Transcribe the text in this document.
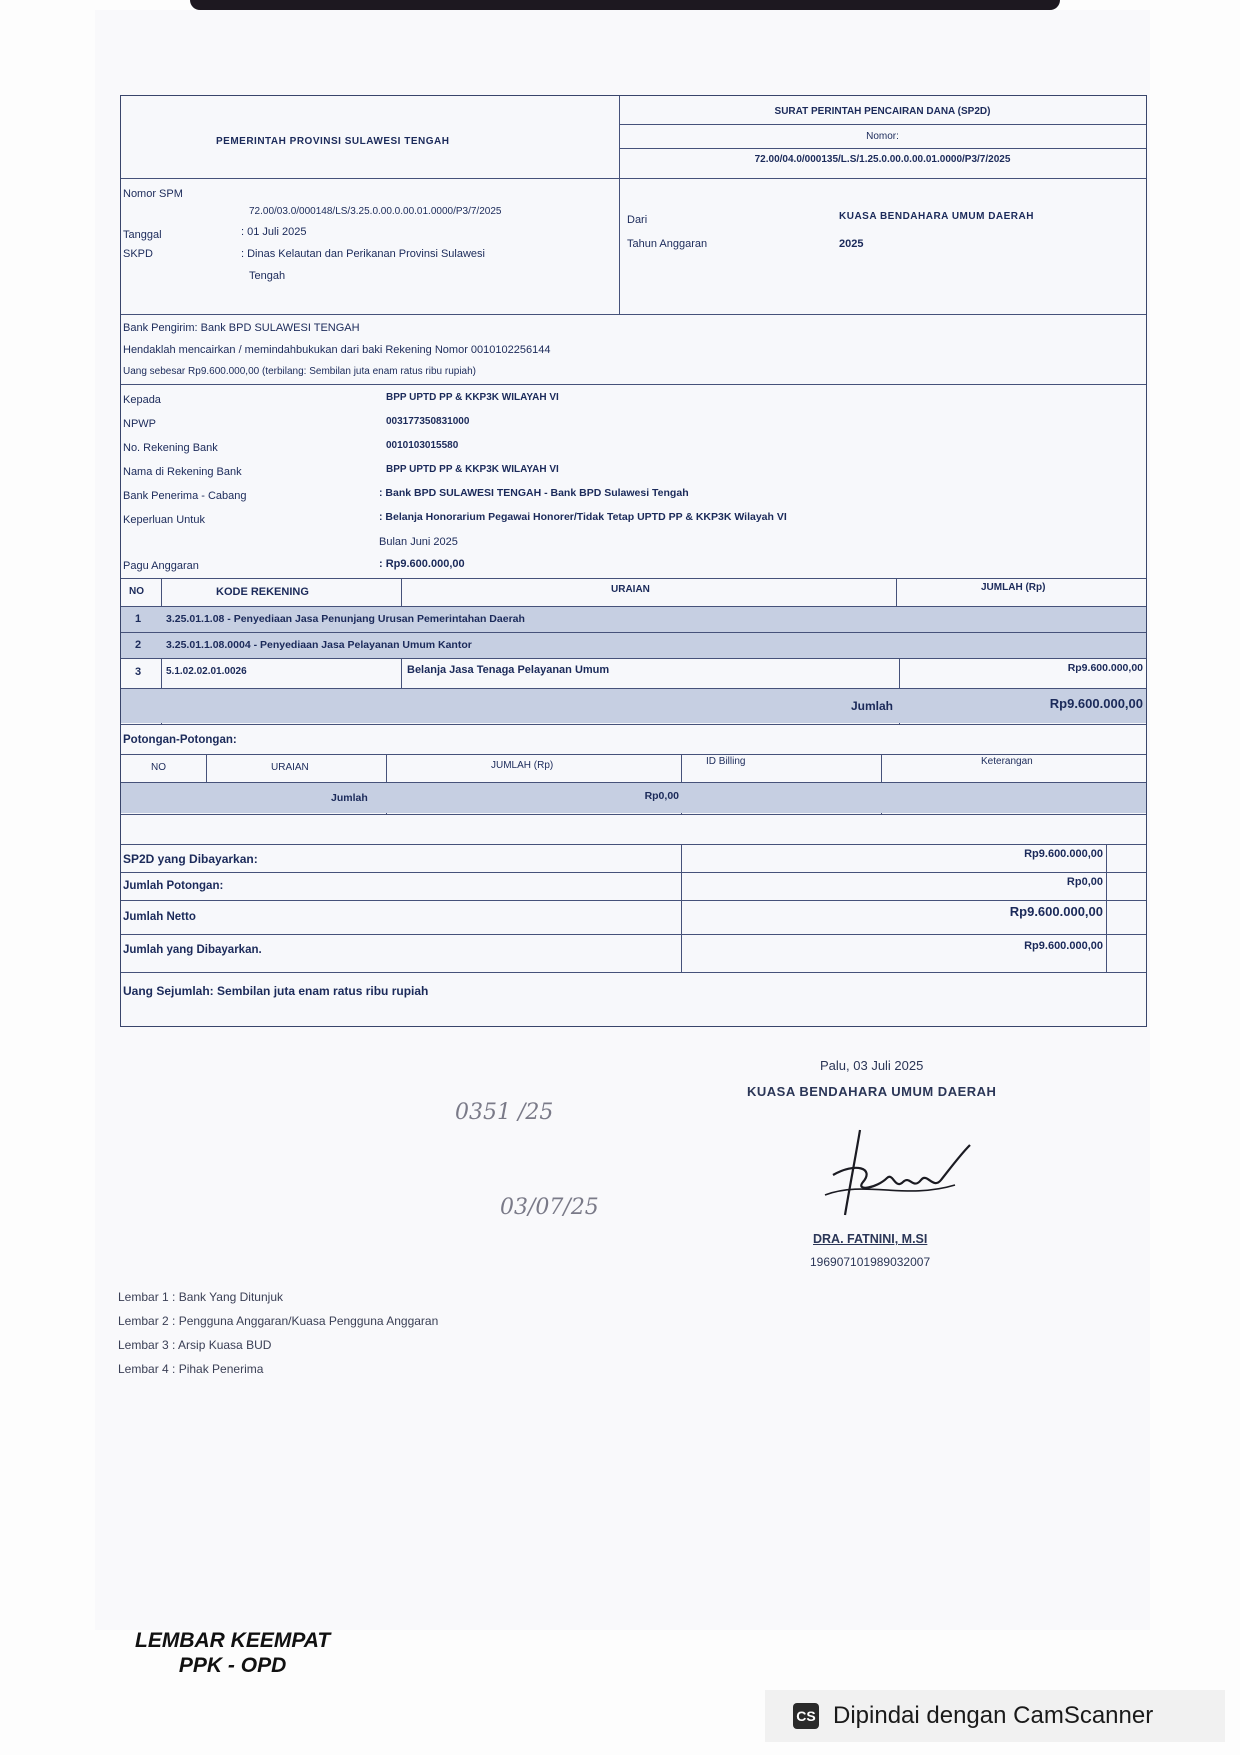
PEMERINTAH PROVINSI SULAWESI TENGAH
SURAT PERINTAH PENCAIRAN DANA (SP2D)
Nomor:
72.00/04.0/000135/L.S/1.25.0.00.0.00.01.0000/P3/7/2025
Nomor SPM
72.00/03.0/000148/LS/3.25.0.00.0.00.01.0000/P3/7/2025
Tanggal	: 01 Juli 2025
SKPD	: Dinas Kelautan dan Perikanan Provinsi Sulawesi
Tengah
Dari	KUASA BENDAHARA UMUM DAERAH
Tahun Anggaran	2025
Bank Pengirim: Bank BPD SULAWESI TENGAH
Hendaklah mencairkan / memindahbukukan dari baki Rekening Nomor 0010102256144
Uang sebesar Rp9.600.000,00 (terbilang: Sembilan juta enam ratus ribu rupiah)
Kepada	BPP UPTD PP & KKP3K WILAYAH VI
NPWP	003177350831000
No. Rekening Bank	0010103015580
Nama di Rekening Bank	BPP UPTD PP & KKP3K WILAYAH VI
Bank Penerima - Cabang	: Bank BPD SULAWESI TENGAH - Bank BPD Sulawesi Tengah
Keperluan Untuk	: Belanja Honorarium Pegawai Honorer/Tidak Tetap UPTD PP & KKP3K Wilayah VI
Bulan Juni 2025
Pagu Anggaran	: Rp9.600.000,00
NO	KODE REKENING	URAIAN	JUMLAH (Rp)
1 3.25.01.1.08 - Penyediaan Jasa Penunjang Urusan Pemerintahan Daerah
2 3.25.01.1.08.0004 - Penyediaan Jasa Pelayanan Umum Kantor
3 5.1.02.02.01.0026	Belanja Jasa Tenaga Pelayanan Umum	Rp9.600.000,00
Jumlah	Rp9.600.000,00
Potongan-Potongan:
NO	URAIAN	JUMLAH (Rp)	ID Billing	Keterangan
Jumlah	Rp0,00
SP2D yang Dibayarkan:	Rp9.600.000,00
Jumlah Potongan:	Rp0,00
Jumlah Netto	Rp9.600.000,00
Jumlah yang Dibayarkan.	Rp9.600.000,00
Uang Sejumlah: Sembilan juta enam ratus ribu rupiah
Palu, 03 Juli 2025
KUASA BENDAHARA UMUM DAERAH
0351 /25
03/07/25
DRA. FATNINI, M.SI
196907101989032007
Lembar 1 : Bank Yang Ditunjuk
Lembar 2 : Pengguna Anggaran/Kuasa Pengguna Anggaran
Lembar 3 : Arsip Kuasa BUD
Lembar 4 : Pihak Penerima
LEMBAR KEEMPAT
PPK - OPD
CS Dipindai dengan CamScanner
